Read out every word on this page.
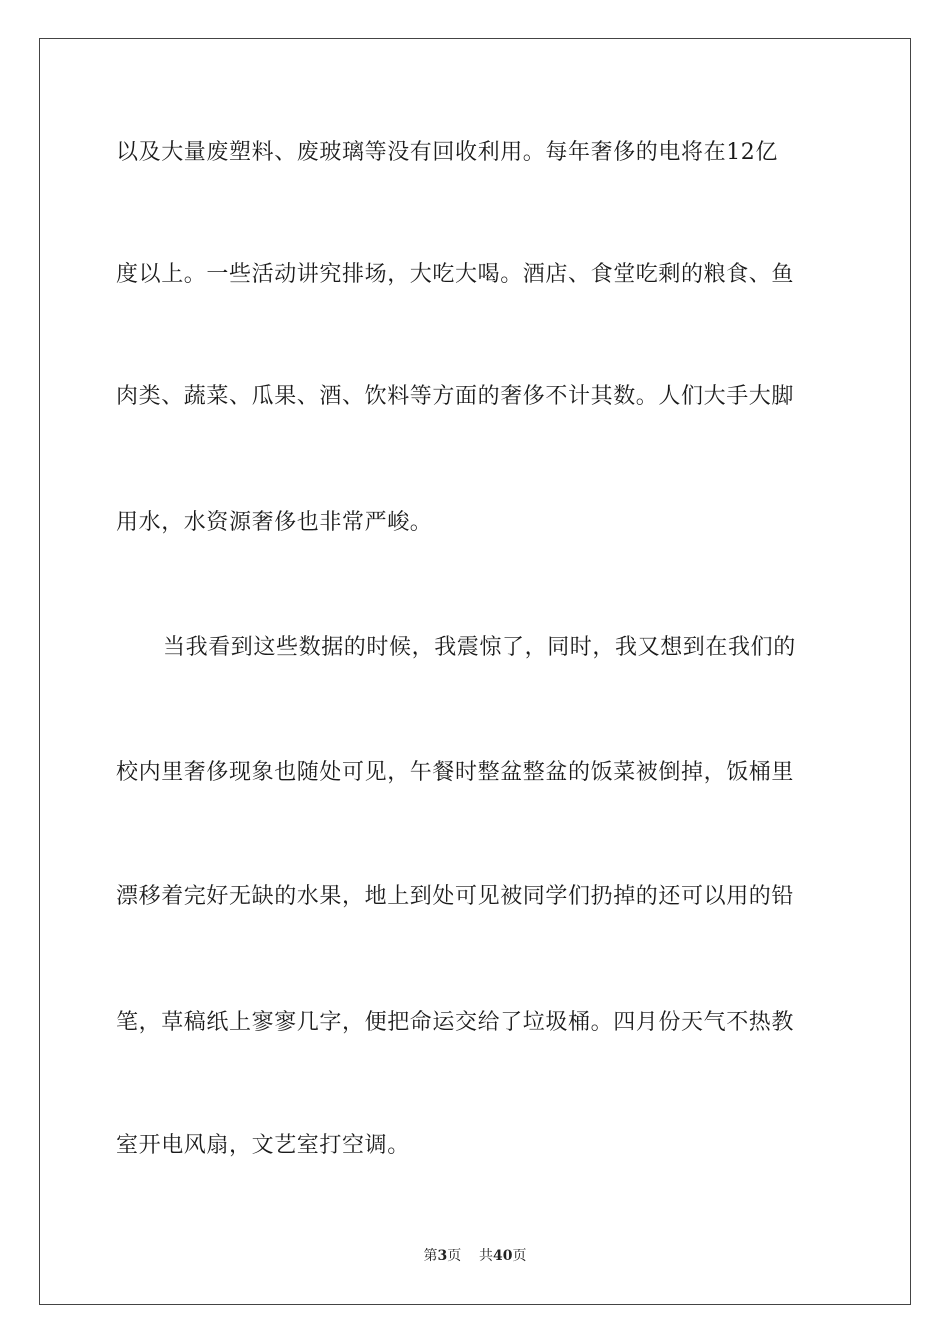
以及大量废塑料、废玻璃等没有回收利用。每年奢侈的电将在12亿
度以上。一些活动讲究排场，大吃大喝。酒店、食堂吃剩的粮食、鱼
肉类、蔬菜、瓜果、酒、饮料等方面的奢侈不计其数。人们大手大脚
用水，水资源奢侈也非常严峻。
当我看到这些数据的时候，我震惊了，同时，我又想到在我们的
校内里奢侈现象也随处可见，午餐时整盆整盆的饭菜被倒掉，饭桶里
漂移着完好无缺的水果，地上到处可见被同学们扔掉的还可以用的铅
笔，草稿纸上寥寥几字，便把命运交给了垃圾桶。四月份天气不热教
室开电风扇，文艺室打空调。
第3页 共40页
